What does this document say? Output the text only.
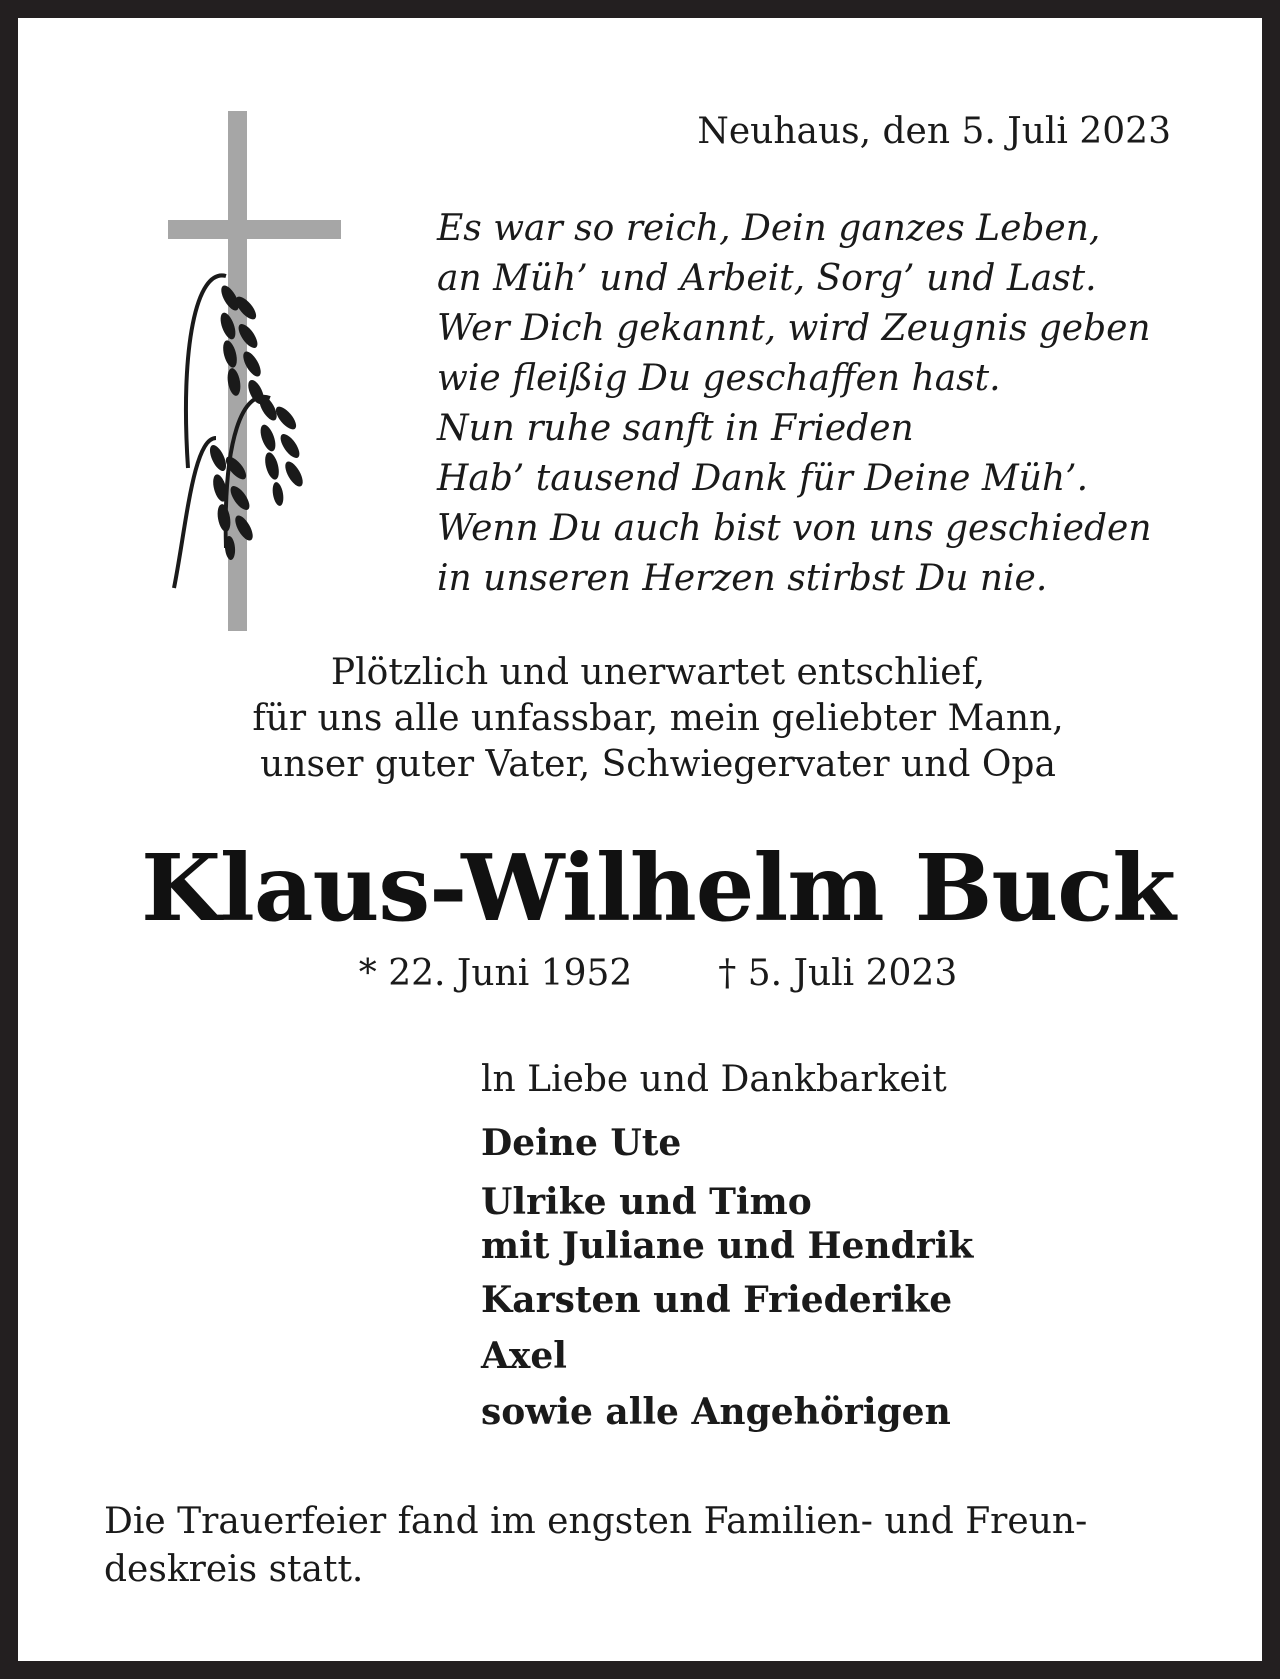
Neuhaus, den 5. Juli 2023
Es war so reich, Dein ganzes Leben,
an Müh’ und Arbeit, Sorg’ und Last.
Wer Dich gekannt, wird Zeugnis geben
wie fleißig Du geschaffen hast.
Nun ruhe sanft in Frieden
Hab’ tausend Dank für Deine Müh’.
Wenn Du auch bist von uns geschieden
in unseren Herzen stirbst Du nie.
Plötzlich und unerwartet entschlief,
für uns alle unfassbar, mein geliebter Mann,
unser guter Vater, Schwiegervater und Opa
Klaus-Wilhelm Buck
* 22. Juni 1952 † 5. Juli 2023
ln Liebe und Dankbarkeit
Deine Ute
Ulrike und Timo
mit Juliane und Hendrik
Karsten und Friederike
Axel
sowie alle Angehörigen
Die Trauerfeier fand im engsten Familien- und Freun-
deskreis statt.
